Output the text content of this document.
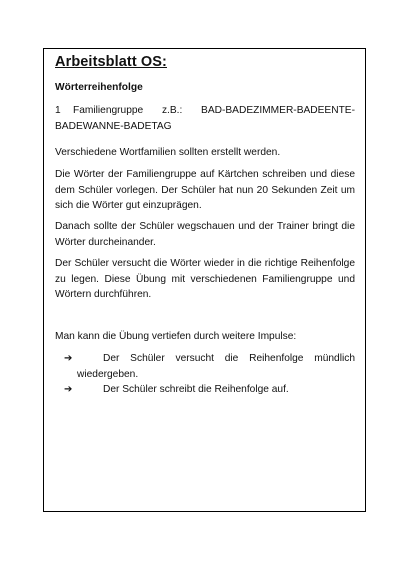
Arbeitsblatt OS:
Wörterreihenfolge

1 Familiengruppe z.B.: BAD-BADEZIMMER-BADEENTE-BADEWANNE-BADETAG

Verschiedene Wortfamilien sollten erstellt werden.

Die Wörter der Familiengruppe auf Kärtchen schreiben und diese dem Schüler vorlegen. Der Schüler hat nun 20 Sekunden Zeit um sich die Wörter gut einzuprägen.

Danach sollte der Schüler wegschauen und der Trainer bringt die Wörter durcheinander.

Der Schüler versucht die Wörter wieder in die richtige Reihenfolge zu legen. Diese Übung mit verschiedenen Familiengruppe und Wörtern durchführen.

Man kann die Übung vertiefen durch weitere Impulse:

➔	Der Schüler versucht die Reihenfolge mündlich wiedergeben.
➔	Der Schüler schreibt die Reihenfolge auf.
